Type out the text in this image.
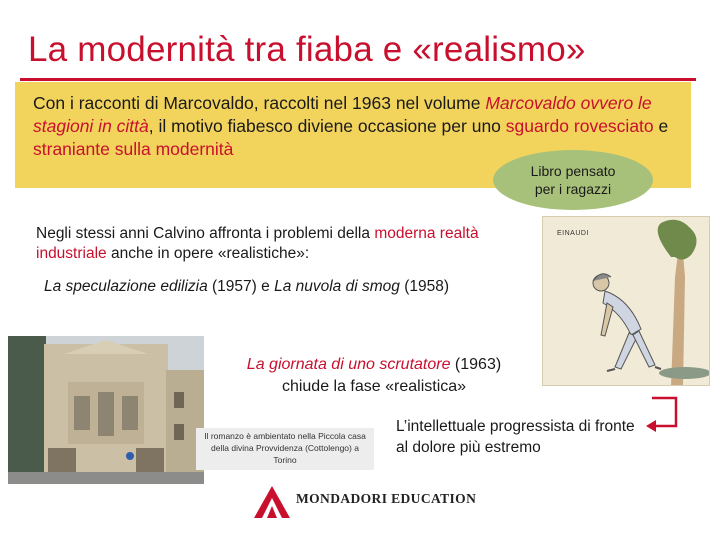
La modernità tra fiaba e «realismo»
Con i racconti di Marcovaldo, raccolti nel 1963 nel volume Marcovaldo ovvero le stagioni in città, il motivo fiabesco diviene occasione per uno sguardo rovesciato e straniante sulla modernità
Libro pensato
per i ragazzi
Negli stessi anni Calvino affronta i problemi della moderna realtà industriale anche in opere «realistiche»:
La speculazione edilizia (1957) e La nuvola di smog (1958)
EINAUDI
La giornata di uno scrutatore (1963)
chiude la fase «realistica»
Il romanzo è ambientato nella Piccola casa della divina Provvidenza (Cottolengo) a Torino
L’intellettuale progressista di fronte al dolore più estremo
MONDADORI EDUCATION
